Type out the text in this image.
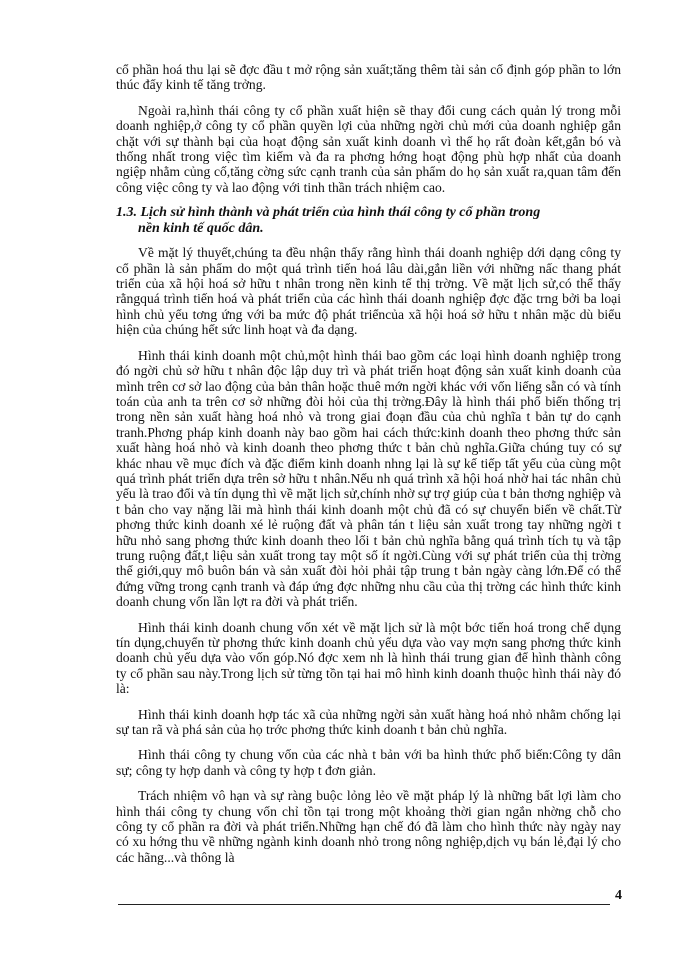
cổ phần hoá thu lại sẽ đợc đầu t mở rộng sản xuất;tăng thêm tài sản cố định góp phần to lớn thúc đẩy kinh tế tăng trởng.

Ngoài ra,hình thái công ty cổ phần xuất hiện sẽ thay đổi cung cách quản lý trong mỗi doanh nghiệp,ở công ty cổ phần quyền lợi của những ngời chủ mới của doanh nghiệp gắn chặt với sự thành bại của hoạt động sản xuất kinh doanh vì thế họ rất đoàn kết,gắn bó và thống nhất trong việc tìm kiếm và đa ra phơng hớng hoạt động phù hợp nhất của doanh ngiệp nhằm củng cố,tăng cờng sức cạnh tranh của sản phẩm do họ sản xuất ra,quan tâm đến công việc công ty và lao động với tinh thần trách nhiệm cao.

1.3. Lịch sử hình thành và phát triển của hình thái công ty cổ phần trong
nền kinh tế quốc dân.

Về mặt lý thuyết,chúng ta đều nhận thấy rằng hình thái doanh nghiệp dới dạng công ty cổ phần là sản phẩm do một quá trình tiến hoá lâu dài,gắn liền với những nấc thang phát triển của xã hội hoá sở hữu t nhân trong nền kinh tế thị trờng. Về mặt lịch sử,có thể thấy rằngquá trình tiến hoá và phát triển của các hình thái doanh nghiệp đợc đặc trng bởi ba loại hình chủ yếu tơng ứng với ba mức độ phát triểncủa xã hội hoá sở hữu t nhân mặc dù biểu hiện của chúng hết sức linh hoạt và đa dạng.

Hình thái kinh doanh một chủ,một hình thái bao gồm các loại hình doanh nghiệp trong đó ngời chủ sở hữu t nhân độc lập duy trì và phát triển hoạt động sản xuất kinh doanh của mình trên cơ sở lao động của bản thân hoặc thuê mớn ngời khác với vốn liếng sẵn có và tính toán của anh ta trên cơ sở những đòi hỏi của thị trờng.Đây là hình thái phổ biến thống trị trong nền sản xuất hàng hoá nhỏ và trong giai đoạn đầu của chủ nghĩa t bản tự do cạnh tranh.Phơng pháp kinh doanh này bao gồm hai cách thức:kinh doanh theo phơng thức sản xuất hàng hoá nhỏ và kinh doanh theo phơng thức t bản chủ nghĩa.Giữa chúng tuy có sự khác nhau về mục đích và đặc điểm kinh doanh nhng lại là sự kế tiếp tất yếu của cùng một quá trình phát triển dựa trên sở hữu t nhân.Nếu nh quá trình xã hội hoá nhờ hai tác nhân chủ yếu là trao đổi và tín dụng thì về mặt lịch sử,chính nhờ sự trợ giúp của t bản thơng nghiệp và t bản cho vay nặng lãi mà hình thái kinh doanh một chủ đã có sự chuyển biến về chất.Từ phơng thức kinh doanh xé lẻ ruộng đất và phân tán t liệu sản xuất trong tay những ngời t hữu nhỏ sang phơng thức kinh doanh theo lối t bản chủ nghĩa bằng quá trình tích tụ và tập trung ruộng đất,t liệu sản xuất trong tay một số ít ngời.Cùng với sự phát triển của thị trờng thế giới,quy mô buôn bán và sản xuất đòi hỏi phải tập trung t bản ngày càng lớn.Để có thể đứng vững trong cạnh tranh và đáp ứng đợc những nhu cầu của thị trờng các hình thức kinh doanh chung vốn lần lợt ra đời và phát triển.

Hình thái kinh doanh chung vốn xét về mặt lịch sử là một bớc tiến hoá trong chế dụng tín dụng,chuyển từ phơng thức kinh doanh chủ yếu dựa vào vay mợn sang phơng thức kinh doanh chủ yếu dựa vào vốn góp.Nó đợc xem nh là hình thái trung gian để hình thành công ty cổ phần sau này.Trong lịch sử từng tồn tại hai mô hình kinh doanh thuộc hình thái này đó là:

Hình thái kinh doanh hợp tác xã của những ngời sản xuất hàng hoá nhỏ nhằm chống lại sự tan rã và phá sản của họ trớc phơng thức kinh doanh t bản chủ nghĩa.

Hình thái công ty chung vốn của các nhà t bản với ba hình thức phổ biến:Công ty dân sự; công ty hợp danh và công ty hợp t đơn giản.

Trách nhiệm vô hạn và sự ràng buộc lỏng lẻo về mặt pháp lý là những bất lợi làm cho hình thái công ty chung vốn chỉ tồn tại trong một khoảng thời gian ngắn nhờng chỗ cho công ty cổ phần ra đời và phát triển.Những hạn chế đó đã làm cho hình thức này ngày nay có xu hớng thu về những ngành kinh doanh nhỏ trong nông nghiệp,dịch vụ bán lẻ,đại lý cho các hãng...và thông là

4
